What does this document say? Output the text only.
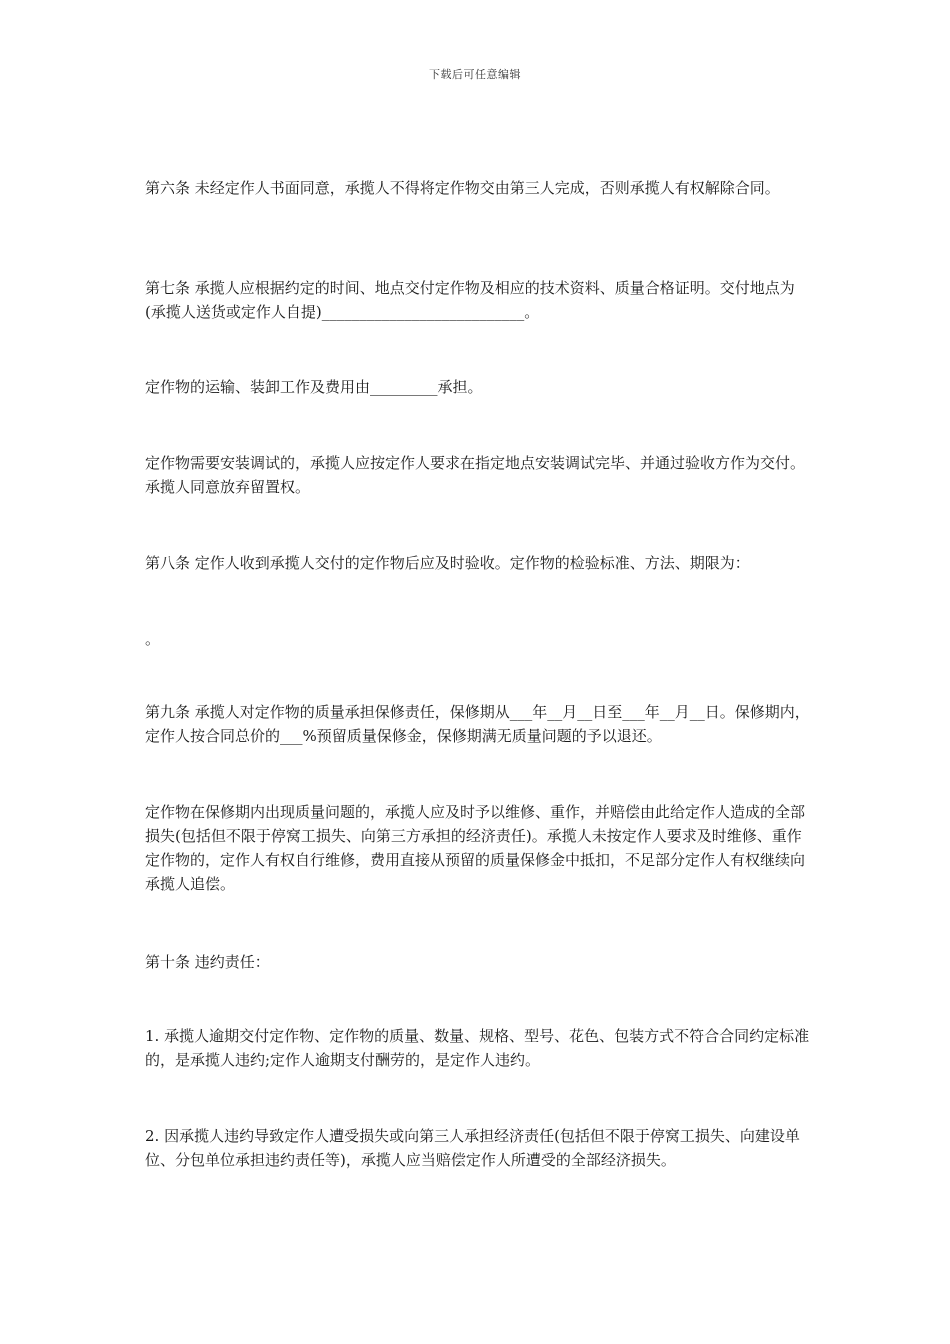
下载后可任意编辑

第六条 未经定作人书面同意，承揽人不得将定作物交由第三人完成，否则承揽人有权解除合同。

第七条 承揽人应根据约定的时间、地点交付定作物及相应的技术资料、质量合格证明。交付地点为(承揽人送货或定作人自提)___________________________。

定作物的运输、装卸工作及费用由_________承担。

定作物需要安装调试的，承揽人应按定作人要求在指定地点安装调试完毕、并通过验收方作为交付。承揽人同意放弃留置权。

第八条 定作人收到承揽人交付的定作物后应及时验收。定作物的检验标准、方法、期限为：

。

第九条 承揽人对定作物的质量承担保修责任，保修期从___年__月__日至___年__月__日。保修期内，定作人按合同总价的___%预留质量保修金，保修期满无质量问题的予以退还。

定作物在保修期内出现质量问题的，承揽人应及时予以维修、重作，并赔偿由此给定作人造成的全部损失(包括但不限于停窝工损失、向第三方承担的经济责任)。承揽人未按定作人要求及时维修、重作定作物的，定作人有权自行维修，费用直接从预留的质量保修金中抵扣，不足部分定作人有权继续向承揽人追偿。

第十条 违约责任：

1. 承揽人逾期交付定作物、定作物的质量、数量、规格、型号、花色、包装方式不符合合同约定标准的，是承揽人违约;定作人逾期支付酬劳的，是定作人违约。

2. 因承揽人违约导致定作人遭受损失或向第三人承担经济责任(包括但不限于停窝工损失、向建设单位、分包单位承担违约责任等)，承揽人应当赔偿定作人所遭受的全部经济损失。
